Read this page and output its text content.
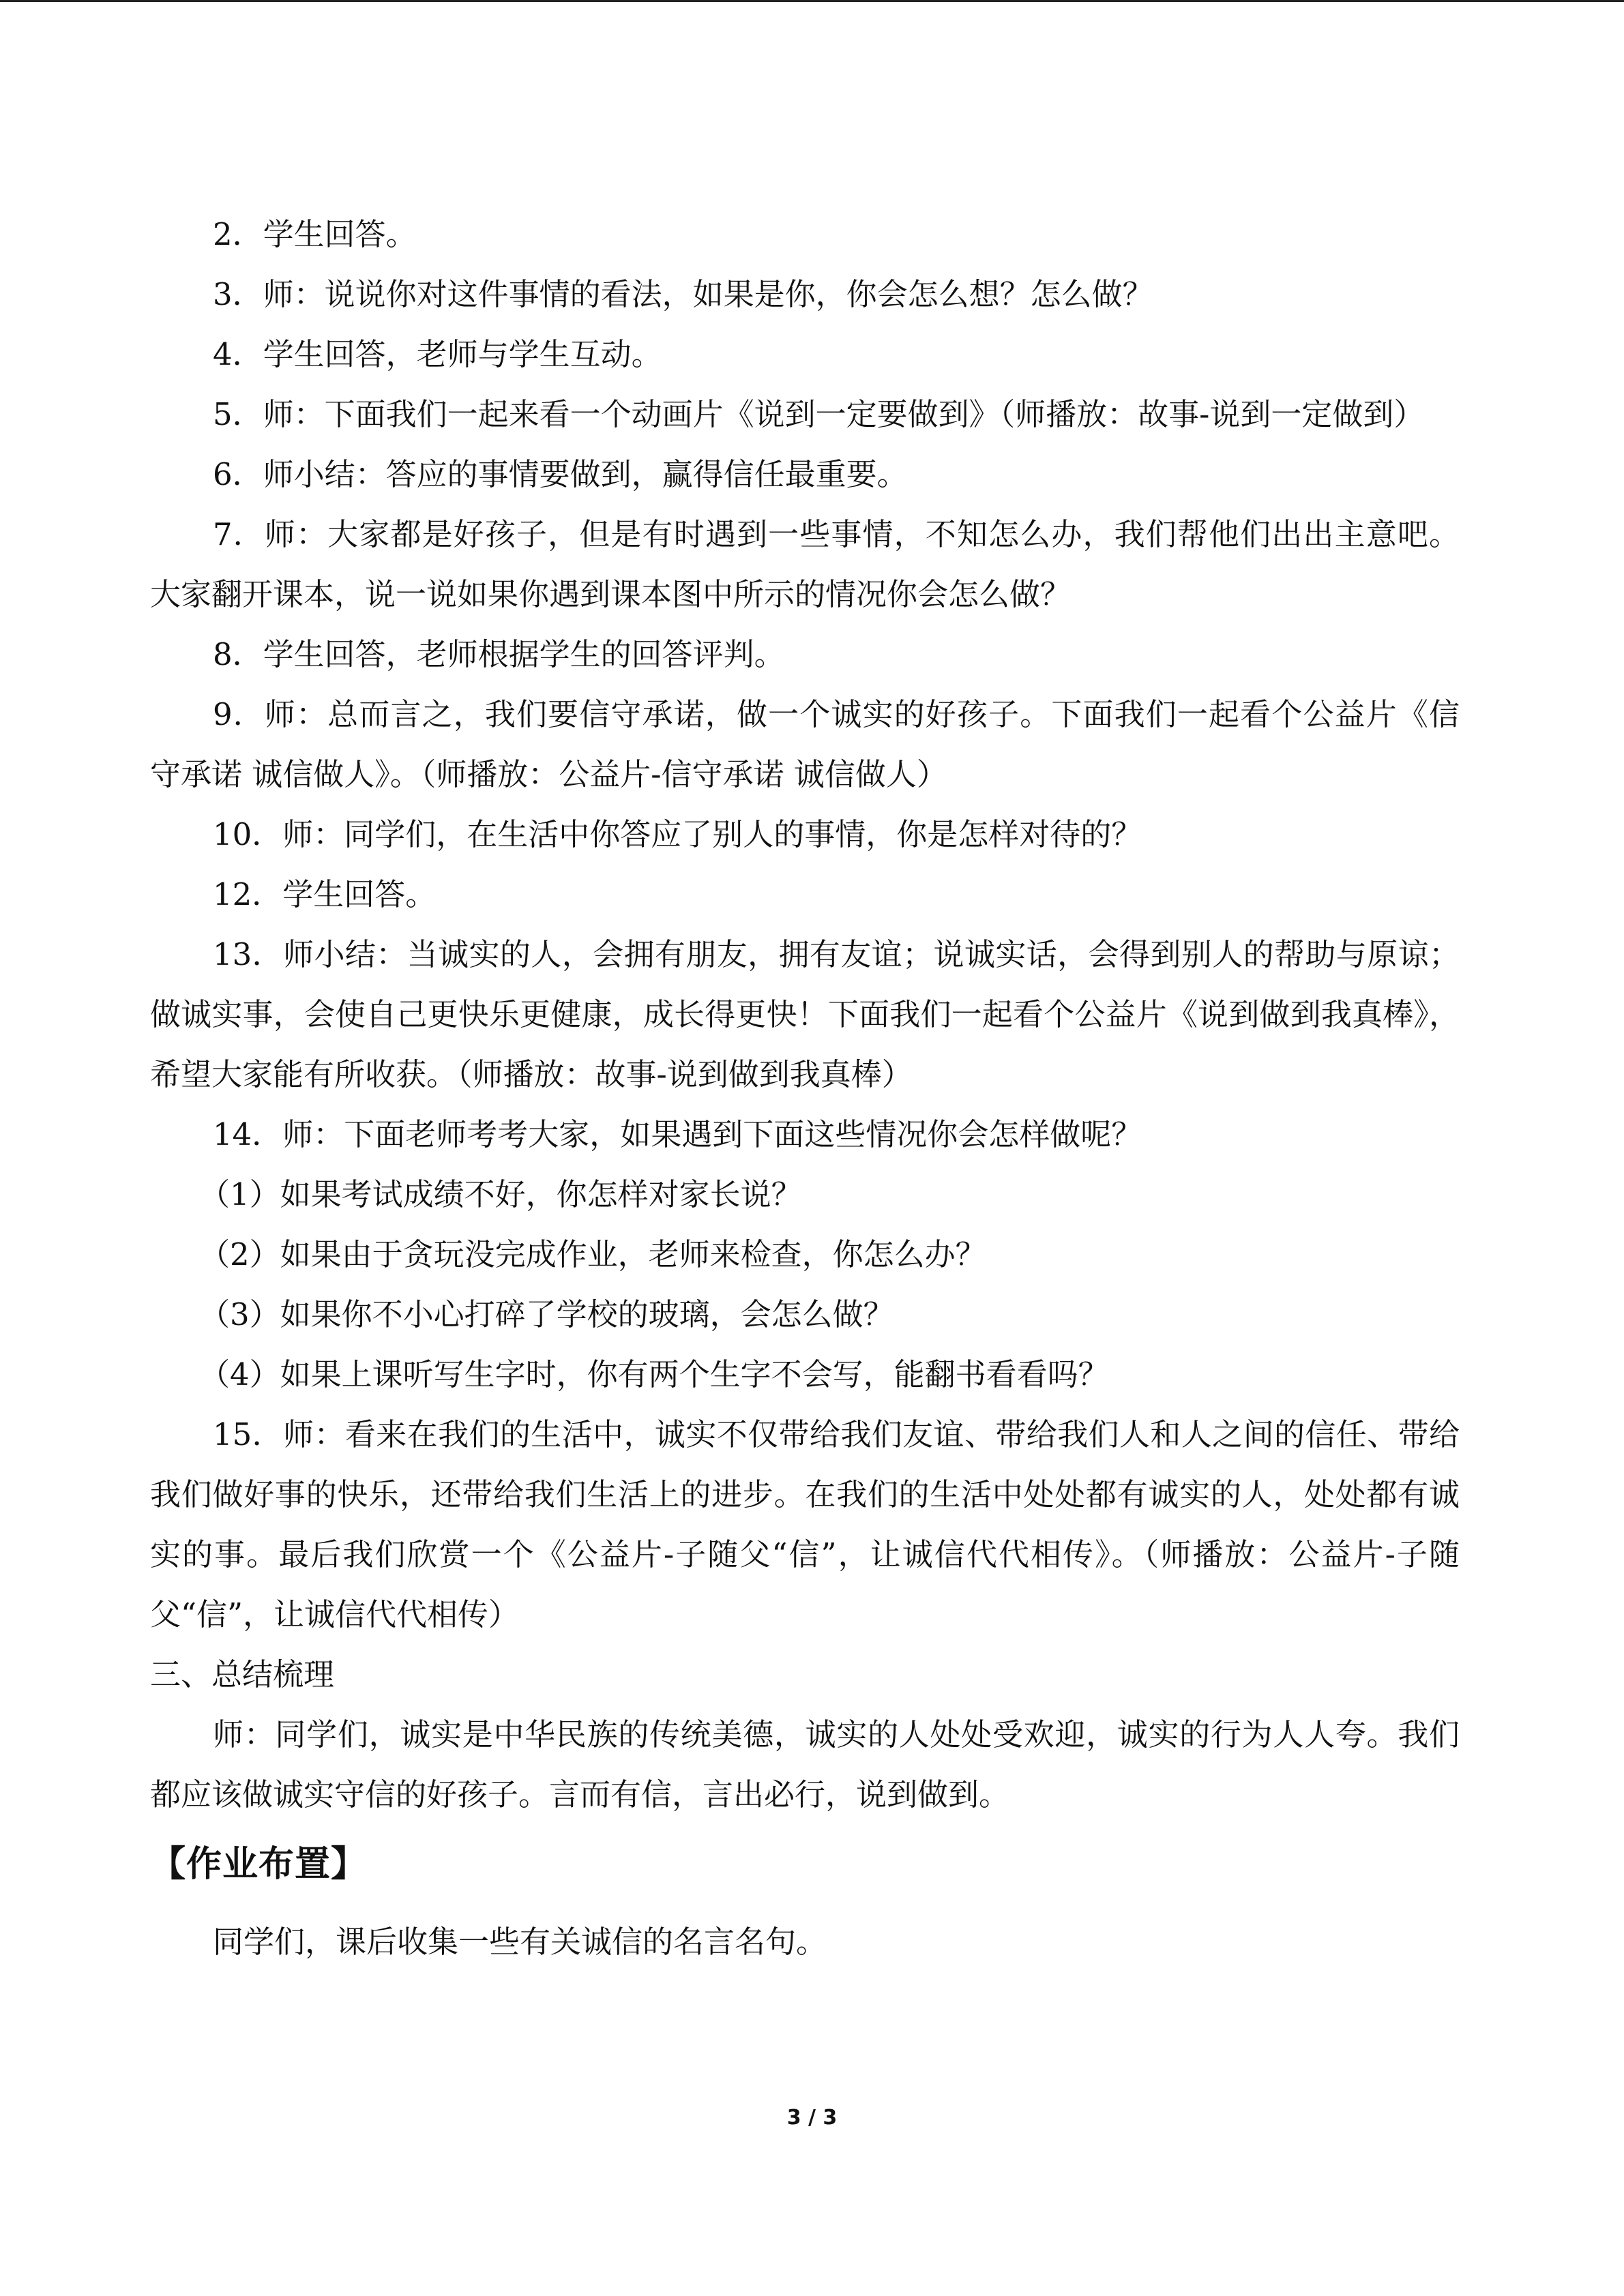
2．学生回答。

3．师：说说你对这件事情的看法，如果是你，你会怎么想？怎么做？

4．学生回答，老师与学生互动。

5．师：下面我们一起来看一个动画片《说到一定要做到》（师播放：故事-说到一定做到）

6．师小结：答应的事情要做到，赢得信任最重要。

7．师：大家都是好孩子，但是有时遇到一些事情，不知怎么办，我们帮他们出出主意吧。大家翻开课本，说一说如果你遇到课本图中所示的情况你会怎么做？

8．学生回答，老师根据学生的回答评判。

9．师：总而言之，我们要信守承诺，做一个诚实的好孩子。下面我们一起看个公益片《信守承诺 诚信做人》。（师播放：公益片-信守承诺 诚信做人）

10．师：同学们，在生活中你答应了别人的事情，你是怎样对待的？

12．学生回答。

13．师小结：当诚实的人，会拥有朋友，拥有友谊；说诚实话，会得到别人的帮助与原谅；做诚实事，会使自己更快乐更健康，成长得更快！下面我们一起看个公益片《说到做到我真棒》，希望大家能有所收获。（师播放：故事-说到做到我真棒）

14．师：下面老师考考大家，如果遇到下面这些情况你会怎样做呢？

（1）如果考试成绩不好，你怎样对家长说？

（2）如果由于贪玩没完成作业，老师来检查，你怎么办？

（3）如果你不小心打碎了学校的玻璃，会怎么做？

（4）如果上课听写生字时，你有两个生字不会写，能翻书看看吗？

15．师：看来在我们的生活中，诚实不仅带给我们友谊、带给我们人和人之间的信任、带给我们做好事的快乐，还带给我们生活上的进步。在我们的生活中处处都有诚实的人，处处都有诚实的事。最后我们欣赏一个《公益片-子随父“信”，让诚信代代相传》。（师播放：公益片-子随父“信”，让诚信代代相传）

三、总结梳理

师：同学们，诚实是中华民族的传统美德，诚实的人处处受欢迎，诚实的行为人人夸。我们都应该做诚实守信的好孩子。言而有信，言出必行，说到做到。

【作业布置】

同学们，课后收集一些有关诚信的名言名句。

3 / 3
